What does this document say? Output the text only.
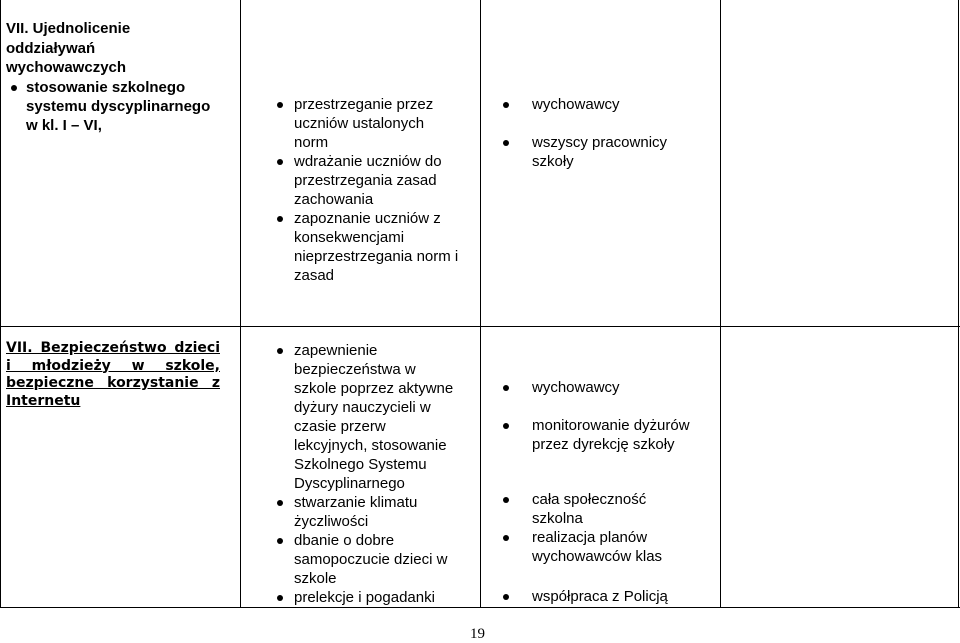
VII. Ujednolicenie
oddziaływań
wychowawczych
stosowanie szkolnego
systemu dyscyplinarnego
w kl. I – VI,
przestrzeganie przez
uczniów ustalonych
norm
wdrażanie uczniów do
przestrzegania zasad
zachowania
zapoznanie uczniów z
konsekwencjami
nieprzestrzegania norm i
zasad
wychowawcy
wszyscy pracownicy
szkoły
VII. Bezpieczeństwo dzieci i młodzieży w szkole, bezpieczne korzystanie z Internetu
zapewnienie
bezpieczeństwa w
szkole poprzez aktywne
dyżury nauczycieli w
czasie przerw
lekcyjnych, stosowanie
Szkolnego Systemu
Dyscyplinarnego
stwarzanie klimatu
życzliwości
dbanie o dobre
samopoczucie dzieci w
szkole
prelekcje i pogadanki
wychowawcy
monitorowanie dyżurów
przez dyrekcję szkoły
cała społeczność
szkolna
realizacja planów
wychowawców klas
współpraca z Policją
19
